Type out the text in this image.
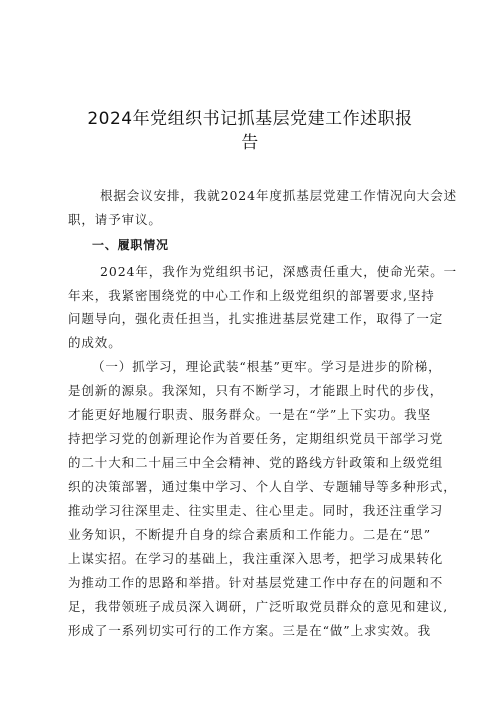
2024年党组织书记抓基层党建工作述职报
告
根据会议安排，我就2024年度抓基层党建工作情况向大会述
职，请予审议。
一、履职情况
2024年，我作为党组织书记，深感责任重大，使命光荣。一
年来，我紧密围绕党的中心工作和上级党组织的部署要求,坚持
问题导向，强化责任担当，扎实推进基层党建工作，取得了一定
的成效。
（一）抓学习，理论武装“根基”更牢。学习是进步的阶梯，
是创新的源泉。我深知，只有不断学习，才能跟上时代的步伐，
才能更好地履行职责、服务群众。一是在“学”上下实功。我坚
持把学习党的创新理论作为首要任务，定期组织党员干部学习党
的二十大和二十届三中全会精神、党的路线方针政策和上级党组
织的决策部署，通过集中学习、个人自学、专题辅导等多种形式，
推动学习往深里走、往实里走、往心里走。同时，我还注重学习
业务知识，不断提升自身的综合素质和工作能力。二是在“思”
上谋实招。在学习的基础上，我注重深入思考，把学习成果转化
为推动工作的思路和举措。针对基层党建工作中存在的问题和不
足，我带领班子成员深入调研，广泛听取党员群众的意见和建议,
形成了一系列切实可行的工作方案。三是在“做”上求实效。我
